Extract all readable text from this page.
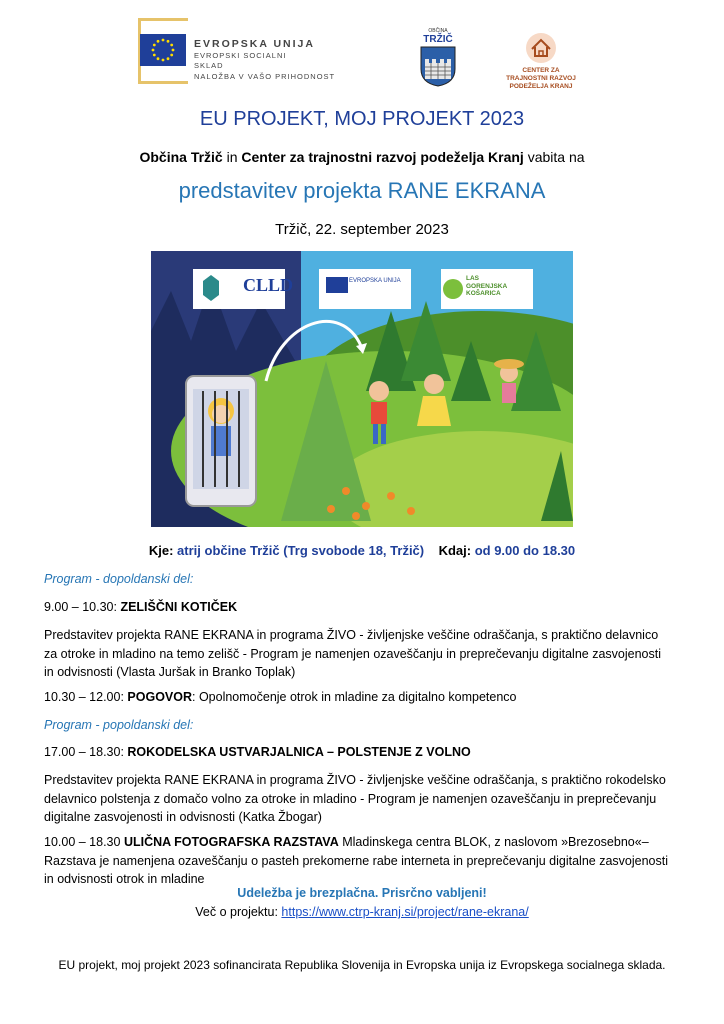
EVROPSKA UNIJA
EVROPSKI SOCIALNI SKLAD
NALOŽBA V VAŠO PRIHODNOST
OBČINA
TRŽIČ
CENTER ZA TRAJNOSTNI RAZVOJ PODEŽELJA KRANJ
EU PROJEKT, MOJ PROJEKT 2023
Občina Tržič in Center za trajnostni razvoj podeželja Kranj vabita na
predstavitev projekta RANE EKRANA
Tržič, 22. september 2023
CLLD	EVROPSKA UNIJA	LAS
GORENJSKA
KOŠARICA
Kje: atrij občine Tržič (Trg svobode 18, Tržič) Kdaj: od 9.00 do 18.30
Program - dopoldanski del:
9.00 – 10.30: ZELIŠČNI KOTIČEK
Predstavitev projekta RANE EKRANA in programa ŽIVO - življenjske veščine odraščanja, s praktično delavnico za otroke in mladino na temo zelišč - Program je namenjen ozaveščanju in preprečevanju digitalne zasvojenosti in odvisnosti (Vlasta Juršak in Branko Toplak)
10.30 – 12.00: POGOVOR: Opolnomočenje otrok in mladine za digitalno kompetenco
Program - popoldanski del:
17.00 – 18.30: ROKODELSKA USTVARJALNICA – POLSTENJE Z VOLNO
Predstavitev projekta RANE EKRANA in programa ŽIVO - življenjske veščine odraščanja, s praktično rokodelsko delavnico polstenja z domačo volno za otroke in mladino - Program je namenjen ozaveščanju in preprečevanju digitalne zasvojenosti in odvisnosti (Katka Žbogar)
10.00 – 18.30 ULIČNA FOTOGRAFSKA RAZSTAVA Mladinskega centra BLOK, z naslovom »Brezosebno«– Razstava je namenjena ozaveščanju o pasteh prekomerne rabe interneta in preprečevanju digitalne zasvojenosti in odvisnosti otrok in mladine
Udeležba je brezplačna. Prisrčno vabljeni!
Več o projektu: https://www.ctrp-kranj.si/project/rane-ekrana/
EU projekt, moj projekt 2023 sofinancirata Republika Slovenija in Evropska unija iz Evropskega socialnega sklada.
